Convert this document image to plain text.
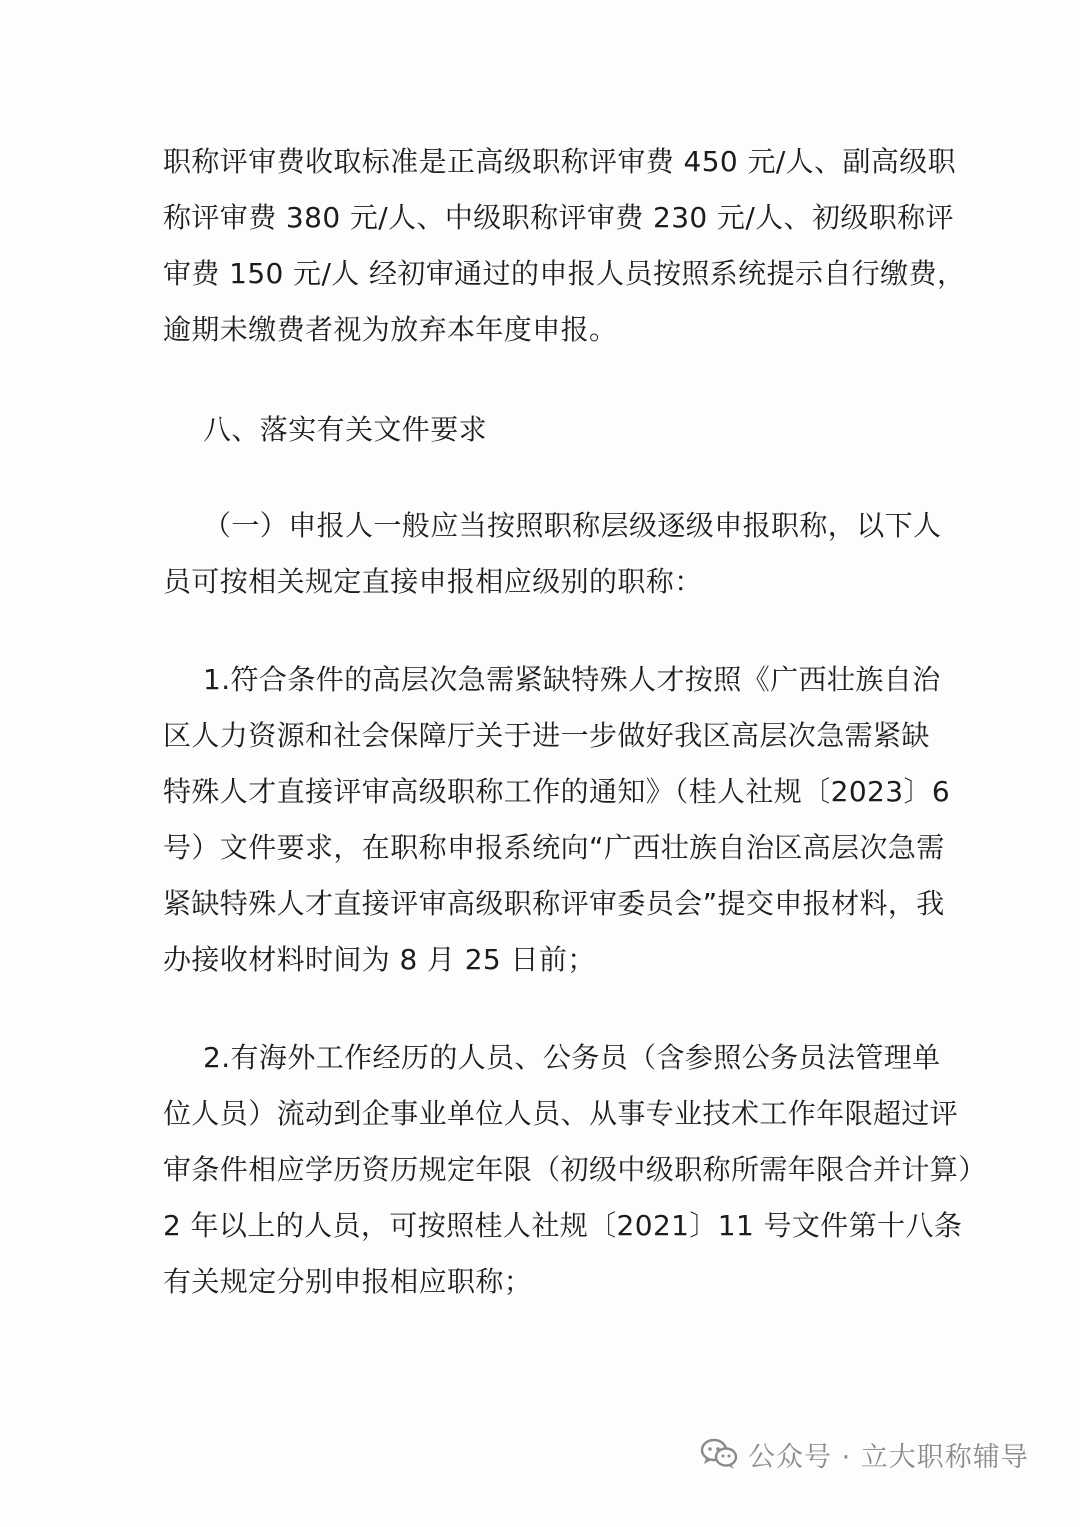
职称评审费收取标准是正高级职称评审费 450 元/人、副高级职
称评审费 380 元/人、中级职称评审费 230 元/人、初级职称评
审费 150 元/人 经初审通过的申报人员按照系统提示自行缴费，
逾期未缴费者视为放弃本年度申报。
八、落实有关文件要求
（一）申报人一般应当按照职称层级逐级申报职称，以下人
员可按相关规定直接申报相应级别的职称：
1.符合条件的高层次急需紧缺特殊人才按照《广西壮族自治
区人力资源和社会保障厅关于进一步做好我区高层次急需紧缺
特殊人才直接评审高级职称工作的通知》（桂人社规〔2023〕6
号）文件要求，在职称申报系统向“广西壮族自治区高层次急需
紧缺特殊人才直接评审高级职称评审委员会”提交申报材料，我
办接收材料时间为 8 月 25 日前；
2.有海外工作经历的人员、公务员（含参照公务员法管理单
位人员）流动到企事业单位人员、从事专业技术工作年限超过评
审条件相应学历资历规定年限（初级中级职称所需年限合并计算）
2 年以上的人员，可按照桂人社规〔2021〕11 号文件第十八条
有关规定分别申报相应职称；
公众号 · 立大职称辅导
